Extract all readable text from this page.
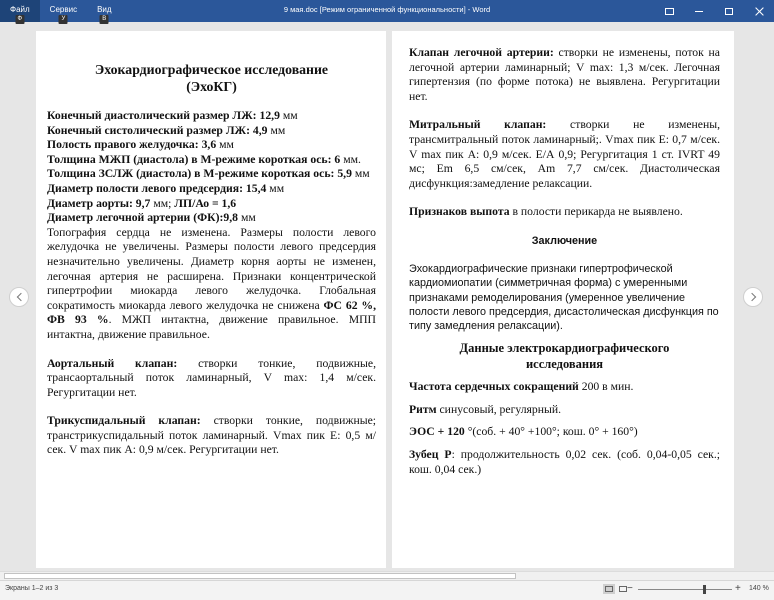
Файл
Ф
Сервис
У
Вид
В
9 мая.doc [Режим ограниченной функциональности] - Word

Эхокардиографическое исследование

(ЭхоКГ)

Конечный диастолический размер ЛЖ: 12,9 мм

Конечный систолический размер ЛЖ: 4,9 мм

Полость правого желудочка: 3,6 мм

Толщина МЖП (диастола) в М-режиме короткая ось: 6 мм.

Толщина ЗСЛЖ (диастола) в М-режиме короткая ось: 5,9 мм

Диаметр полости левого предсердия: 15,4 мм

Диаметр аорты: 9,7 мм; ЛП/Ао = 1,6

Диаметр легочной артерии (ФК):9,8 мм

Топография сердца не изменена. Размеры полости левого желудочка не увеличены. Размеры полости левого предсердия незначительно увеличены. Диаметр корня аорты не изменен, легочная артерия не расширена. Признаки концентрической гипертрофии миокарда левого желудочка. Глобальная сократимость миокарда левого желудочка не снижена ФС 62 %, ФВ 93 %. МЖП интактна, движение правильное. МПП интактна, движение правильное.

Аортальный клапан: створки тонкие, подвижные, трансаортальный поток ламинарный, V max: 1,4 м/сек. Регургитации нет.

Трикуспидальный клапан: створки тонкие, подвижные; транстрикуспидальный поток ламинарный. Vmax пик Е: 0,5 м/сек. V max пик А: 0,9 м/сек. Регургитации нет.

Клапан легочной артерии: створки не изменены, поток на легочной артерии ламинарный; V max: 1,3 м/сек. Легочная гипертензия (по форме потока) не выявлена. Регургитации нет.

Митральный клапан: створки не изменены, трансмитральный поток ламинарный;. Vmax пик Е: 0,7 м/сек. V max пик А: 0,9 м/сек. Е/А 0,9; Регургитация 1 ст. IVRT 49 мс; Em 6,5 см/сек, Am 7,7 см/сек. Диастолическая дисфункция:замедление релаксации.

Признаков выпота в полости перикарда не выявлено.

Заключение

Эхокардиографические признаки гипертрофической кардиомиопатии (симметричная форма) с умеренными признаками ремоделирования (умеренное увеличение полости левого предсердия, дисастолическая дисфункция по типу замедления релаксации).

Данные электрокардиографического

исследования

Частота сердечных сокращений 200 в мин.

Ритм синусовый, регулярный.

ЭОС + 120 °(соб. + 40° +100°; кош. 0° + 160°)

Зубец Р: продолжительность 0,02 сек. (соб. 0,04-0,05 сек.; кош. 0,04 сек.)

Экраны 1–2 из 3	−	+ 140 %
